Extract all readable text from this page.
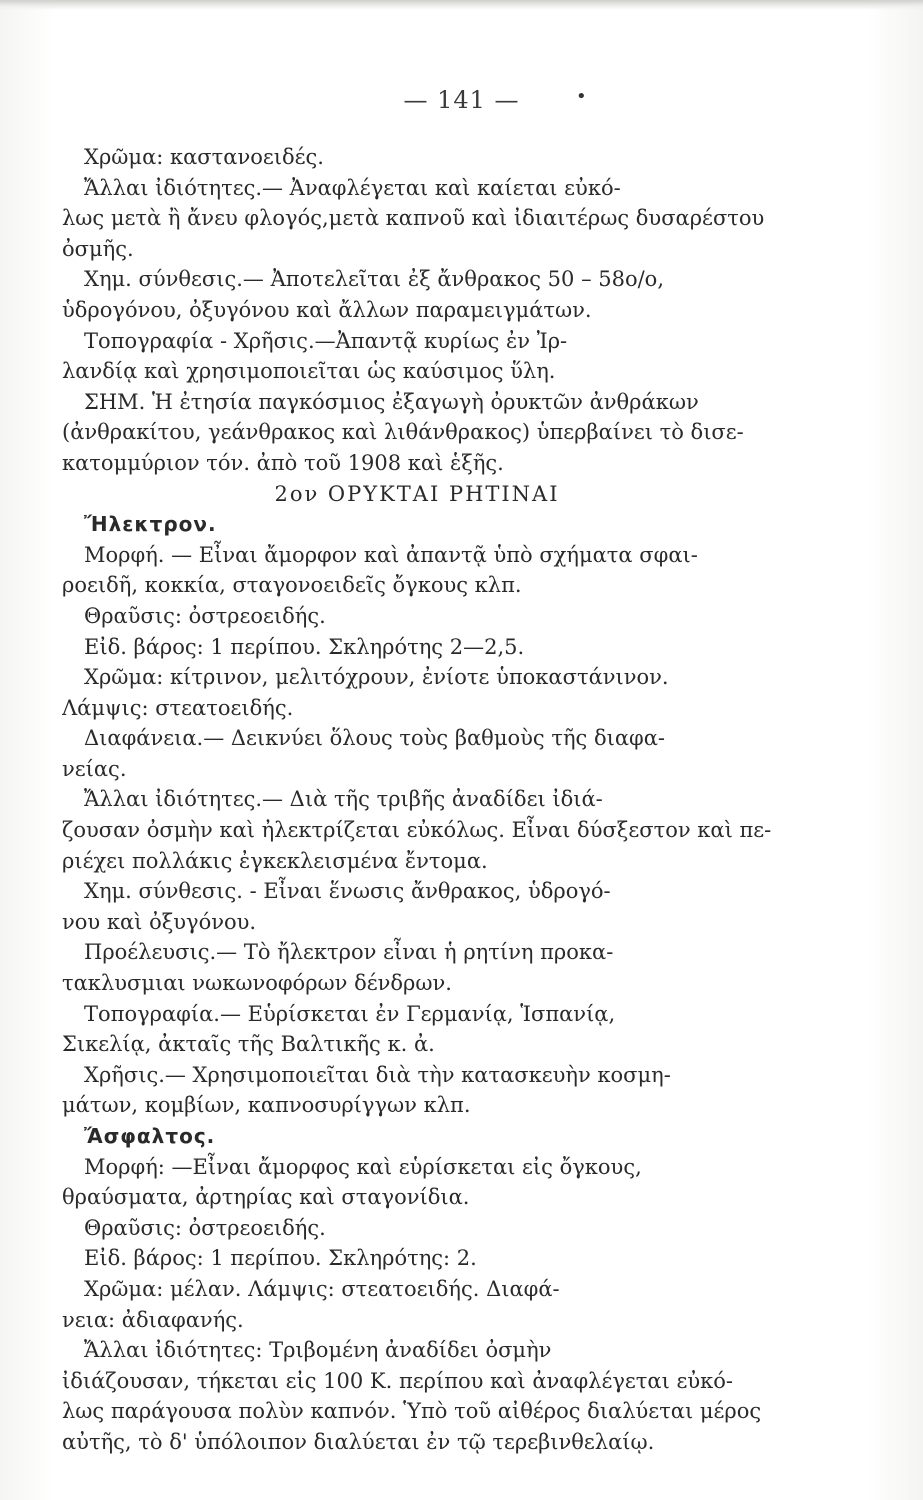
— 141 —	•
Χρῶμα: καστανοειδές.
Ἄλλαι ἰδιότητες.— Ἀναφλέγεται καὶ καίεται εὐκό-
λως μετὰ ἢ ἄνευ φλογός,μετὰ καπνοῦ καὶ ἰδιαιτέρως δυσαρέστου
ὀσμῆς.
Χημ. σύνθεσις.— Ἀποτελεῖται ἐξ ἄνθρακος 50 – 58o/o,
ὑδρογόνου, ὀξυγόνου καὶ ἄλλων παραμειγμάτων.
Τοπογραφία - Χρῆσις.—Ἀπαντᾷ κυρίως ἐν Ἰρ-
λανδίᾳ καὶ χρησιμοποιεῖται ὡς καύσιμος ὕλη.
ΣΗΜ. Ἡ ἐτησία παγκόσμιος ἐξαγωγὴ ὀρυκτῶν ἀνθράκων
(ἀνθρακίτου, γεάνθρακος καὶ λιθάνθρακος) ὑπερβαίνει τὸ δισε-
κατομμύριον τόν. ἀπὸ τοῦ 1908 καὶ ἑξῆς.
2ον ΟΡΥΚΤΑΙ ΡΗΤΙΝΑΙ
Ἤλεκτρον.
Μορφή. — Εἶναι ἄμορφον καὶ ἀπαντᾷ ὑπὸ σχήματα σφαι-
ροειδῆ, κοκκία, σταγονοειδεῖς ὄγκους κλπ.
Θραῦσις: ὀστρεοειδής.
Εἰδ. βάρος: 1 περίπου. Σκληρότης 2—2,5.
Χρῶμα: κίτρινον, μελιτόχρουν, ἐνίοτε ὑποκαστάνινον.
Λάμψις: στεατοειδής.
Διαφάνεια.— Δεικνύει ὅλους τοὺς βαθμοὺς τῆς διαφα-
νείας.
Ἄλλαι ἰδιότητες.— Διὰ τῆς τριβῆς ἀναδίδει ἰδιά-
ζουσαν ὀσμὴν καὶ ἠλεκτρίζεται εὐκόλως. Εἶναι δύσξεστον καὶ πε-
ριέχει πολλάκις ἐγκεκλεισμένα ἔντομα.
Χημ. σύνθεσις. - Εἶναι ἕνωσις ἄνθρακος, ὑδρογό-
νου καὶ ὀξυγόνου.
Προέλευσις.— Τὸ ἤλεκτρον εἶναι ἡ ρητίνη προκα-
τακλυσμιαι νωκωνοφόρων δένδρων.
Τοπογραφία.— Εὑρίσκεται ἐν Γερμανίᾳ, Ἱσπανίᾳ,
Σικελίᾳ, ἀκταῖς τῆς Βαλτικῆς κ. ἀ.
Χρῆσις.— Χρησιμοποιεῖται διὰ τὴν κατασκευὴν κοσμη-
μάτων, κομβίων, καπνοσυρίγγων κλπ.
Ἄσφαλτος.
Μορφή: —Εἶναι ἄμορφος καὶ εὑρίσκεται εἰς ὄγκους,
θραύσματα, ἀρτηρίας καὶ σταγονίδια.
Θραῦσις: ὀστρεοειδής.
Εἰδ. βάρος: 1 περίπου. Σκληρότης: 2.
Χρῶμα: μέλαν. Λάμψις: στεατοειδής. Διαφά-
νεια: ἀδιαφανής.
Ἄλλαι ἰδιότητες: Τριβομένη ἀναδίδει ὀσμὴν
ἰδιάζουσαν, τήκεται εἰς 100 Κ. περίπου καὶ ἀναφλέγεται εὐκό-
λως παράγουσα πολὺν καπνόν. Ὑπὸ τοῦ αἰθέρος διαλύεται μέρος
αὐτῆς, τὸ δ' ὑπόλοιπον διαλύεται ἐν τῷ τερεβινθελαίῳ.
